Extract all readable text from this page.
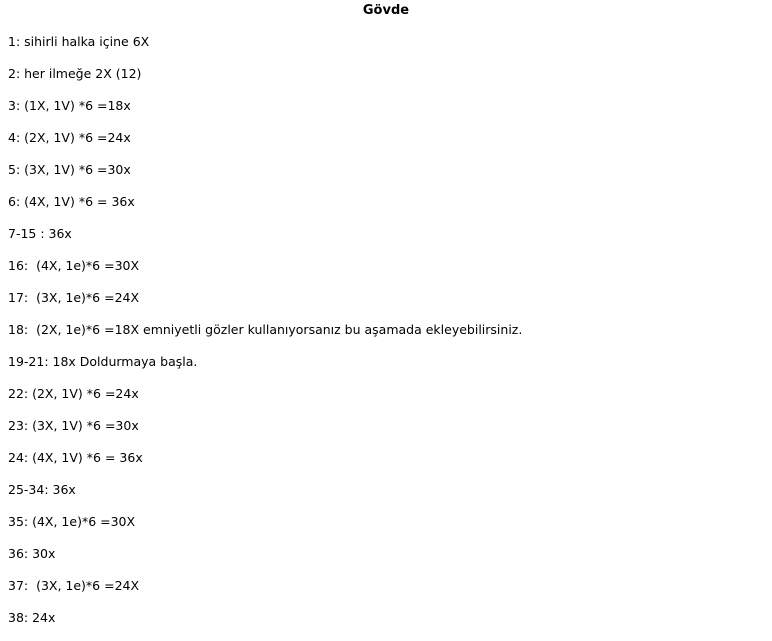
Gövde
1: sihirli halka içine 6X
2: her ilmeğe 2X (12)
3: (1X, 1V) *6 =18x
4: (2X, 1V) *6 =24x
5: (3X, 1V) *6 =30x
6: (4X, 1V) *6 = 36x
7-15 : 36x
16:  (4X, 1e)*6 =30X
17:  (3X, 1e)*6 =24X
18:  (2X, 1e)*6 =18X emniyetli gözler kullanıyorsanız bu aşamada ekleyebilirsiniz.
19-21: 18x Doldurmaya başla.
22: (2X, 1V) *6 =24x
23: (3X, 1V) *6 =30x
24: (4X, 1V) *6 = 36x
25-34: 36x
35: (4X, 1e)*6 =30X
36: 30x
37:  (3X, 1e)*6 =24X
38: 24x
